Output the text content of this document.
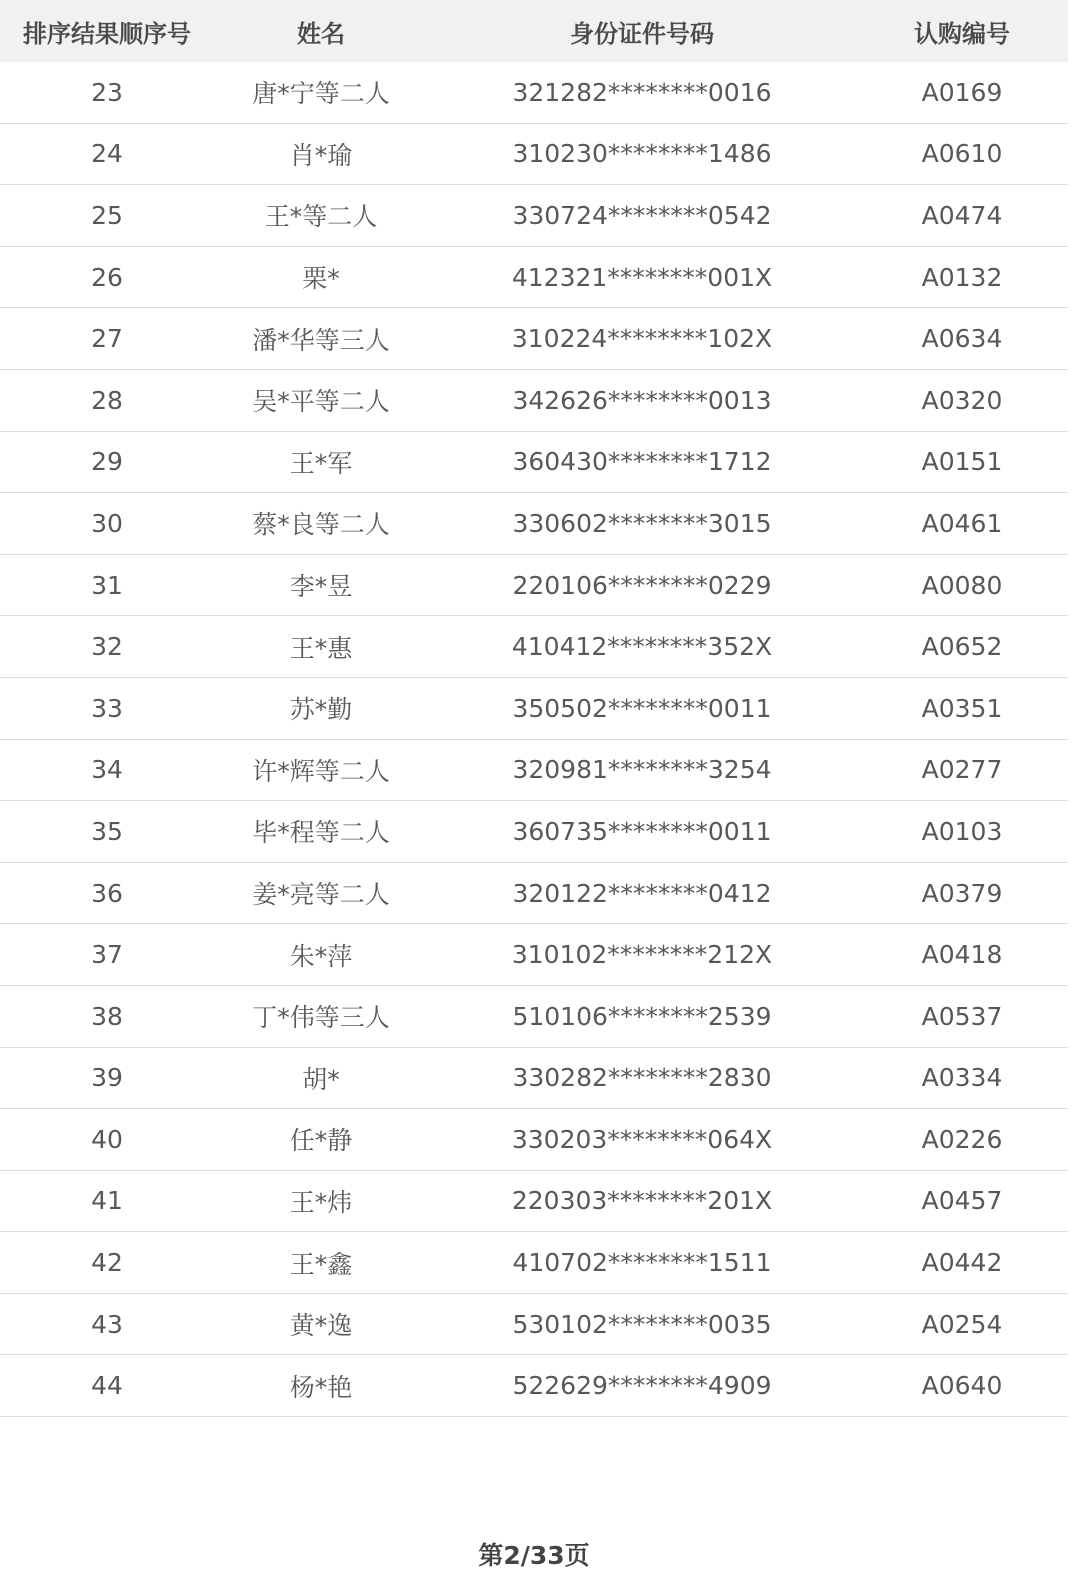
排序结果顺序号	姓名	身份证件号码	认购编号
23	唐*宁等二人	321282********0016	A0169
24	肖*瑜	310230********1486	A0610
25	王*等二人	330724********0542	A0474
26	栗*	412321********001X	A0132
27	潘*华等三人	310224********102X	A0634
28	吴*平等二人	342626********0013	A0320
29	王*军	360430********1712	A0151
30	蔡*良等二人	330602********3015	A0461
31	李*昱	220106********0229	A0080
32	王*惠	410412********352X	A0652
33	苏*勤	350502********0011	A0351
34	许*辉等二人	320981********3254	A0277
35	毕*程等二人	360735********0011	A0103
36	姜*亮等二人	320122********0412	A0379
37	朱*萍	310102********212X	A0418
38	丁*伟等三人	510106********2539	A0537
39	胡*	330282********2830	A0334
40	任*静	330203********064X	A0226
41	王*炜	220303********201X	A0457
42	王*鑫	410702********1511	A0442
43	黄*逸	530102********0035	A0254
44	杨*艳	522629********4909	A0640
第2/33页
